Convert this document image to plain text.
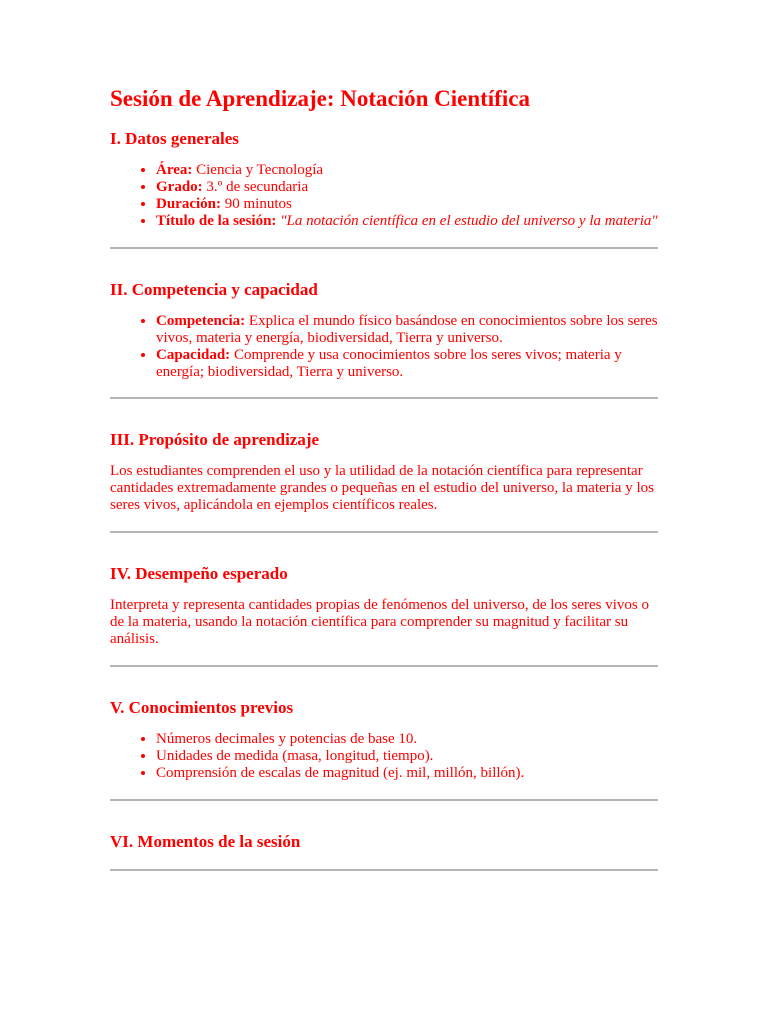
Sesión de Aprendizaje: Notación Científica
I. Datos generales
• Área: Ciencia y Tecnología
• Grado: 3.º de secundaria
• Duración: 90 minutos
• Título de la sesión: "La notación científica en el estudio del universo y la materia"
II. Competencia y capacidad
• Competencia: Explica el mundo físico basándose en conocimientos sobre los seres vivos, materia y energía, biodiversidad, Tierra y universo.
• Capacidad: Comprende y usa conocimientos sobre los seres vivos; materia y energía; biodiversidad, Tierra y universo.
III. Propósito de aprendizaje

Los estudiantes comprenden el uso y la utilidad de la notación científica para representar cantidades extremadamente grandes o pequeñas en el estudio del universo, la materia y los seres vivos, aplicándola en ejemplos científicos reales.

IV. Desempeño esperado

Interpreta y representa cantidades propias de fenómenos del universo, de los seres vivos o de la materia, usando la notación científica para comprender su magnitud y facilitar su análisis.

V. Conocimientos previos
• Números decimales y potencias de base 10.
• Unidades de medida (masa, longitud, tiempo).
• Comprensión de escalas de magnitud (ej. mil, millón, billón).
VI. Momentos de la sesión
